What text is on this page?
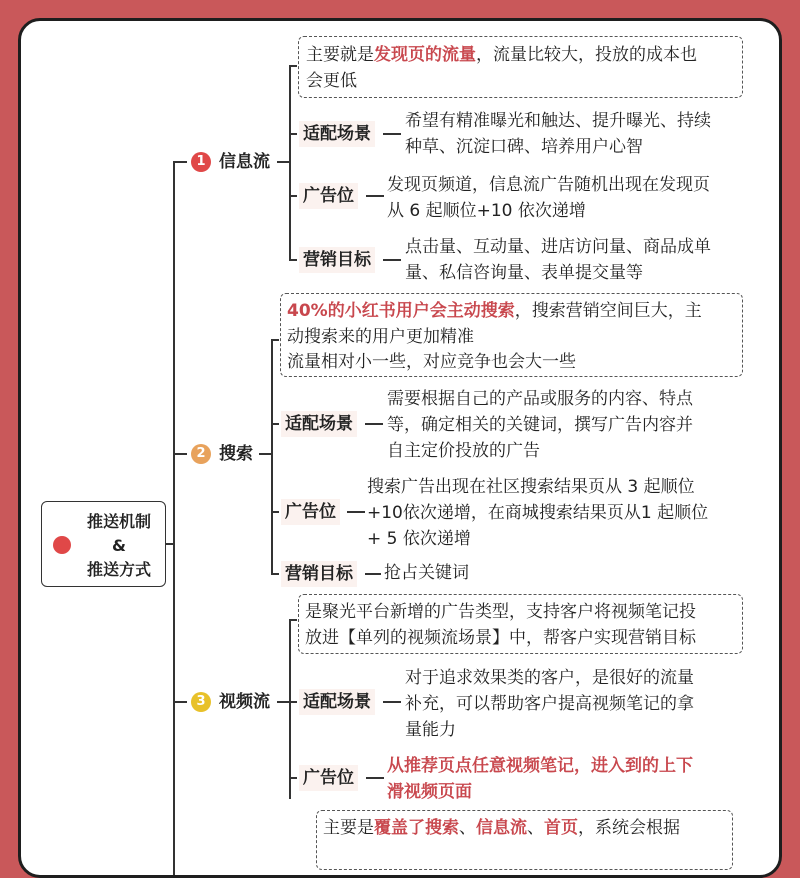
推送机制
&
推送方式
1 信息流
主要就是发现页的流量，流量比较大，投放的成本也
会更低
适配场景
希望有精准曝光和触达、提升曝光、持续
种草、沉淀口碑、培养用户心智
广告位
发现页频道，信息流广告随机出现在发现页
从 6 起顺位+10 依次递增
营销目标
点击量、互动量、进店访问量、商品成单
量、私信咨询量、表单提交量等
2 搜索
40%的小红书用户会主动搜索，搜索营销空间巨大，主
动搜索来的用户更加精准
流量相对小一些，对应竞争也会大一些
适配场景
需要根据自己的产品或服务的内容、特点
等，确定相关的关键词，撰写广告内容并
自主定价投放的广告
广告位
搜索广告出现在社区搜索结果页从 3 起顺位
+10依次递增，在商城搜索结果页从1 起顺位
+ 5 依次递增
营销目标 抢占关键词
3 视频流
是聚光平台新增的广告类型，支持客户将视频笔记投
放进【单列的视频流场景】中，帮客户实现营销目标
适配场景
对于追求效果类的客户，是很好的流量
补充，可以帮助客户提高视频笔记的拿
量能力
广告位
从推荐页点任意视频笔记，进入到的上下
滑视频页面
主要是覆盖了搜索、信息流、首页，系统会根据
